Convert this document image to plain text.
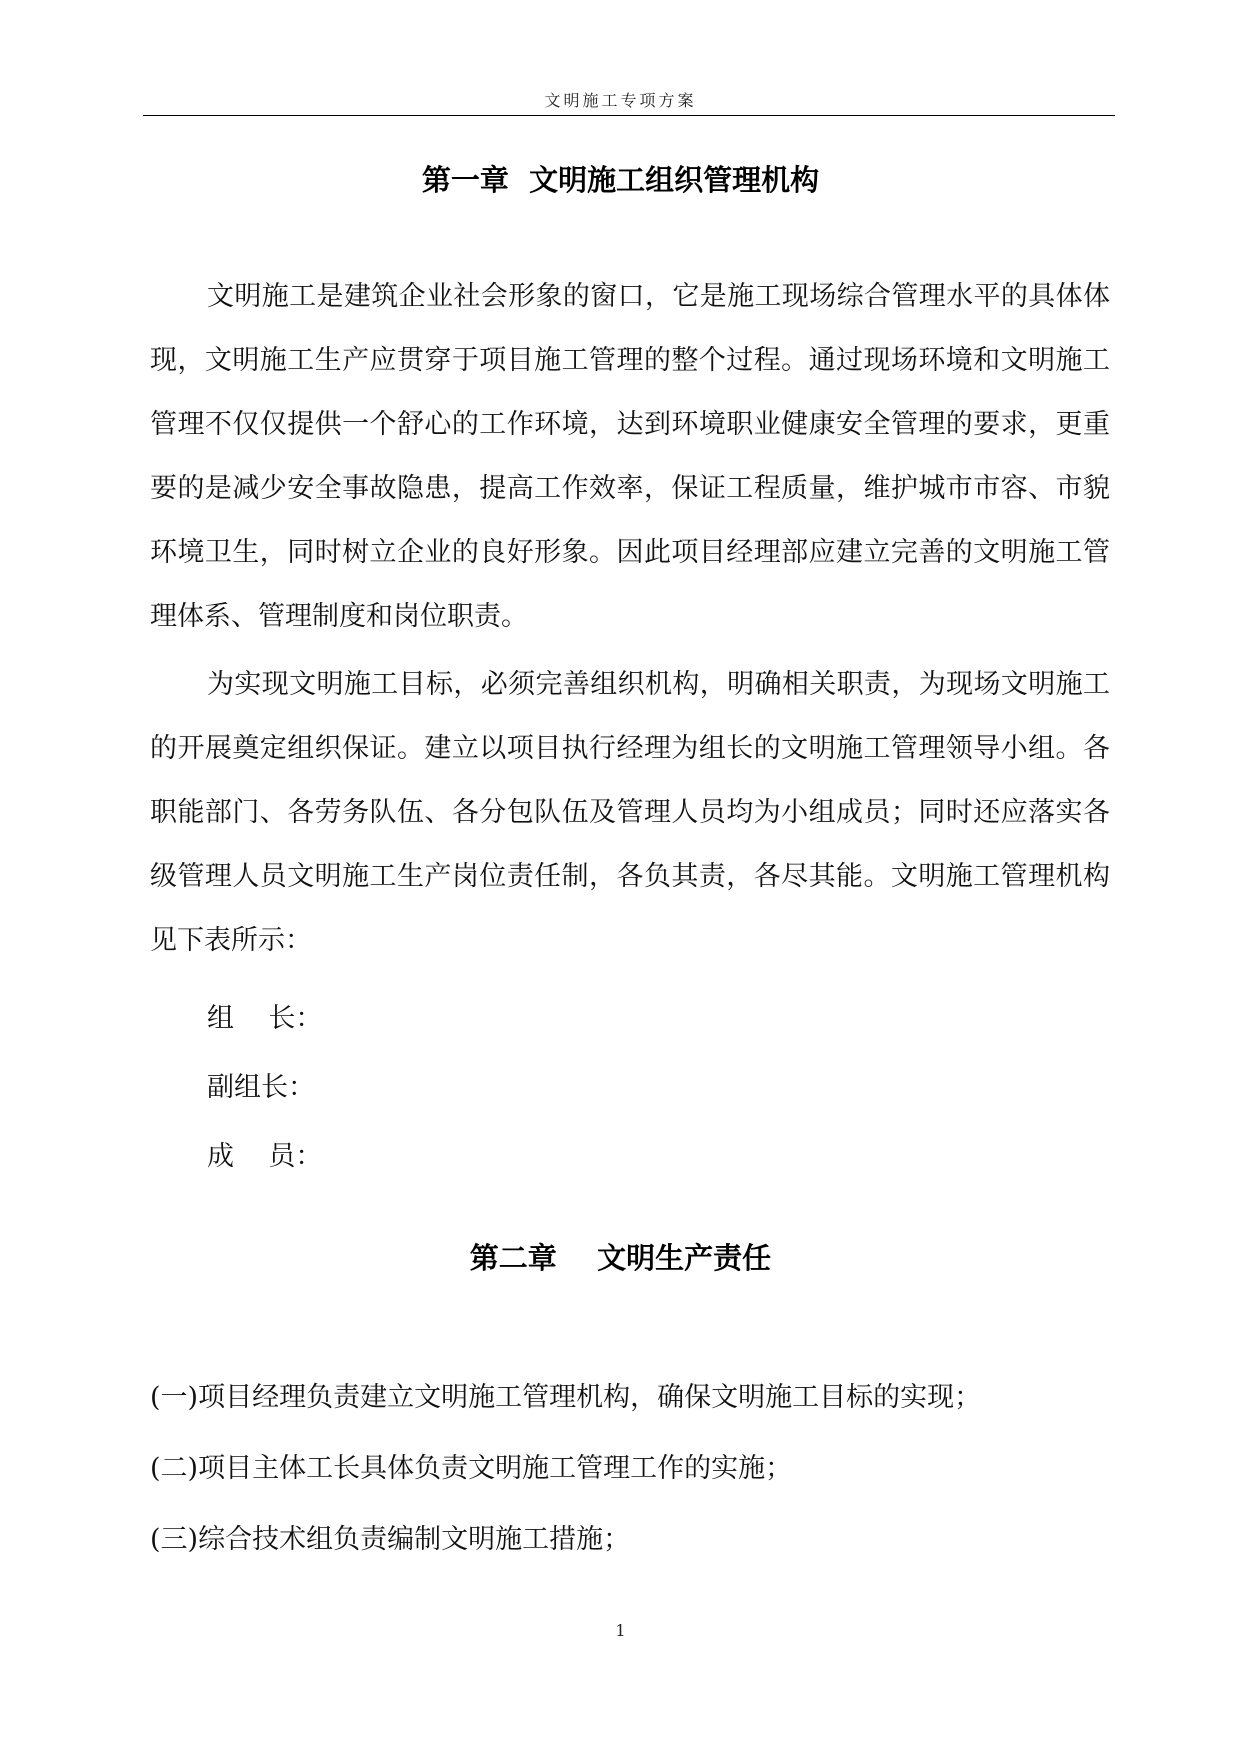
文明施工专项方案
第一章  文明施工组织管理机构

文明施工是建筑企业社会形象的窗口，它是施工现场综合管理水平的具体体现，文明施工生产应贯穿于项目施工管理的整个过程。通过现场环境和文明施工管理不仅仅提供一个舒心的工作环境，达到环境职业健康安全管理的要求，更重要的是减少安全事故隐患，提高工作效率，保证工程质量，维护城市市容、市貌环境卫生，同时树立企业的良好形象。因此项目经理部应建立完善的文明施工管理体系、管理制度和岗位职责。

为实现文明施工目标，必须完善组织机构，明确相关职责，为现场文明施工的开展奠定组织保证。建立以项目执行经理为组长的文明施工管理领导小组。各职能部门、各劳务队伍、各分包队伍及管理人员均为小组成员；同时还应落实各级管理人员文明施工生产岗位责任制，各负其责，各尽其能。文明施工管理机构见下表所示：

组    长：

副组长：

成    员：

第二章    文明生产责任

(一)项目经理负责建立文明施工管理机构，确保文明施工目标的实现；

(二)项目主体工长具体负责文明施工管理工作的实施；

(三)综合技术组负责编制文明施工措施；

1
